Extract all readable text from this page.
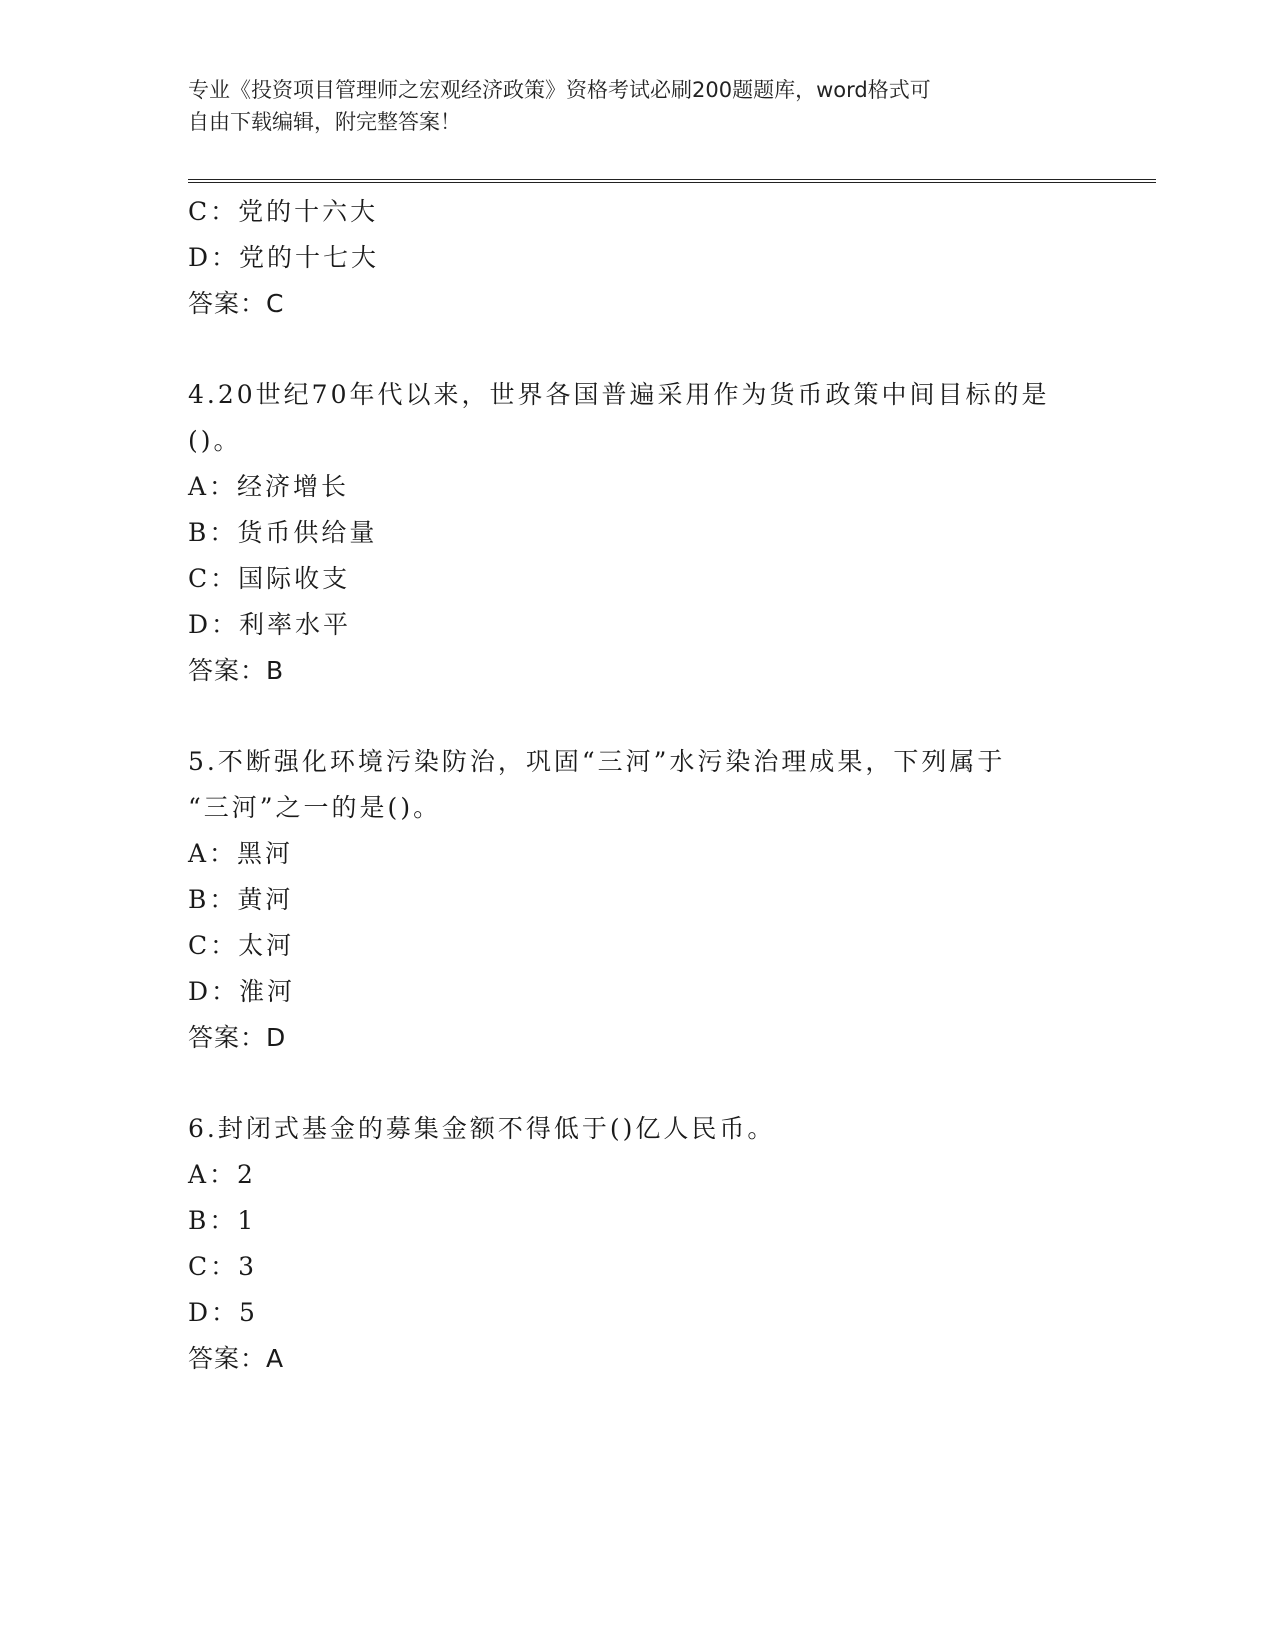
专业《投资项目管理师之宏观经济政策》资格考试必刷200题题库，word格式可
自由下载编辑，附完整答案！
C：党的十六大
D：党的十七大
答案：C
4.20世纪70年代以来，世界各国普遍采用作为货币政策中间目标的是
()。
A：经济增长
B：货币供给量
C：国际收支
D：利率水平
答案：B
5.不断强化环境污染防治，巩固“三河”水污染治理成果，下列属于
“三河”之一的是()。
A：黑河
B：黄河
C：太河
D：淮河
答案：D
6.封闭式基金的募集金额不得低于()亿人民币。
A：2
B：1
C：3
D：5
答案：A
